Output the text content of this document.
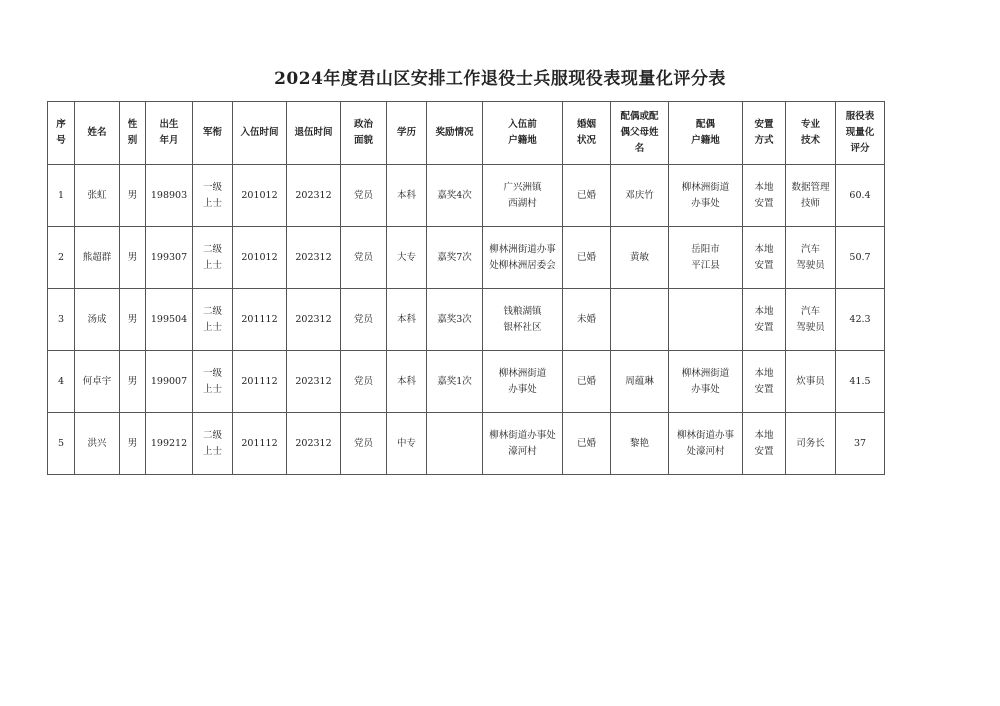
2024年度君山区安排工作退役士兵服现役表现量化评分表
序
号	姓名	性
别	出生
年月	军衔	入伍时间	退伍时间	政治
面貌	学历	奖励情况	入伍前
户籍地	婚姻
状况	配偶或配
偶父母姓
名	配偶
户籍地	安置
方式	专业
技术	服役表
现量化
评分

1	张虹	男	198903	一级
上士	201012	202312	党员	本科	嘉奖4次	广兴洲镇
西湖村	已婚	邓庆竹	柳林洲街道
办事处	本地
安置	数据管理
技师	60.4

2	熊超群	男	199307	二级
上士	201012	202312	党员	大专	嘉奖7次	柳林洲街道办事
处柳林洲居委会	已婚	黄敏	岳阳市
平江县	本地
安置	汽车
驾驶员	50.7

3	汤成	男	199504	二级
上士	201112	202312	党员	本科	嘉奖3次	钱粮湖镇
银杯社区	未婚			本地
安置	汽车
驾驶员	42.3

4	何卓宇	男	199007	一级
上士	201112	202312	党员	本科	嘉奖1次	柳林洲街道
办事处	已婚	周蕴琳	柳林洲街道
办事处	本地
安置	炊事员	41.5

5	洪兴	男	199212	二级
上士	201112	202312	党员	中专		柳林街道办事处
濠河村	已婚	黎艳	柳林街道办事
处濠河村	本地
安置	司务长	37
